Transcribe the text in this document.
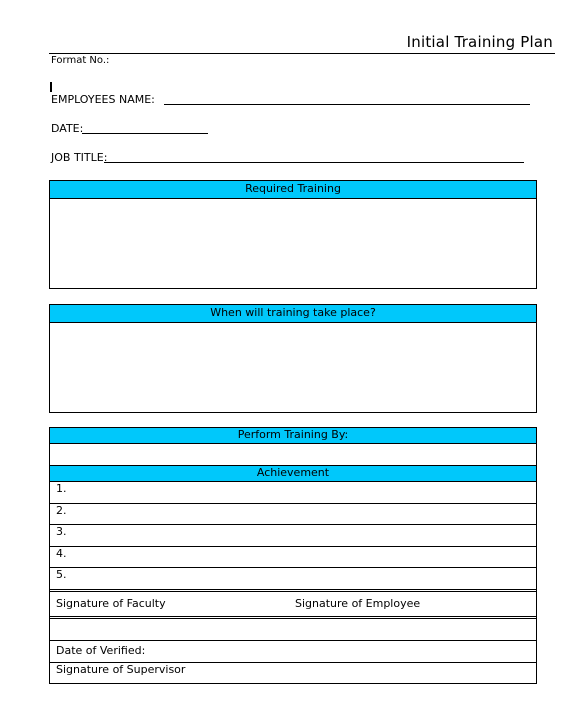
Initial Training Plan
Format No.:
EMPLOYEES NAME:
DATE:
JOB TITLE:
Required Training
When will training take place?
Perform Training By:
Achievement
1.
2.
3.
4.
5.
Signature of Faculty	Signature of Employee
Date of Verified:
Signature of Supervisor
